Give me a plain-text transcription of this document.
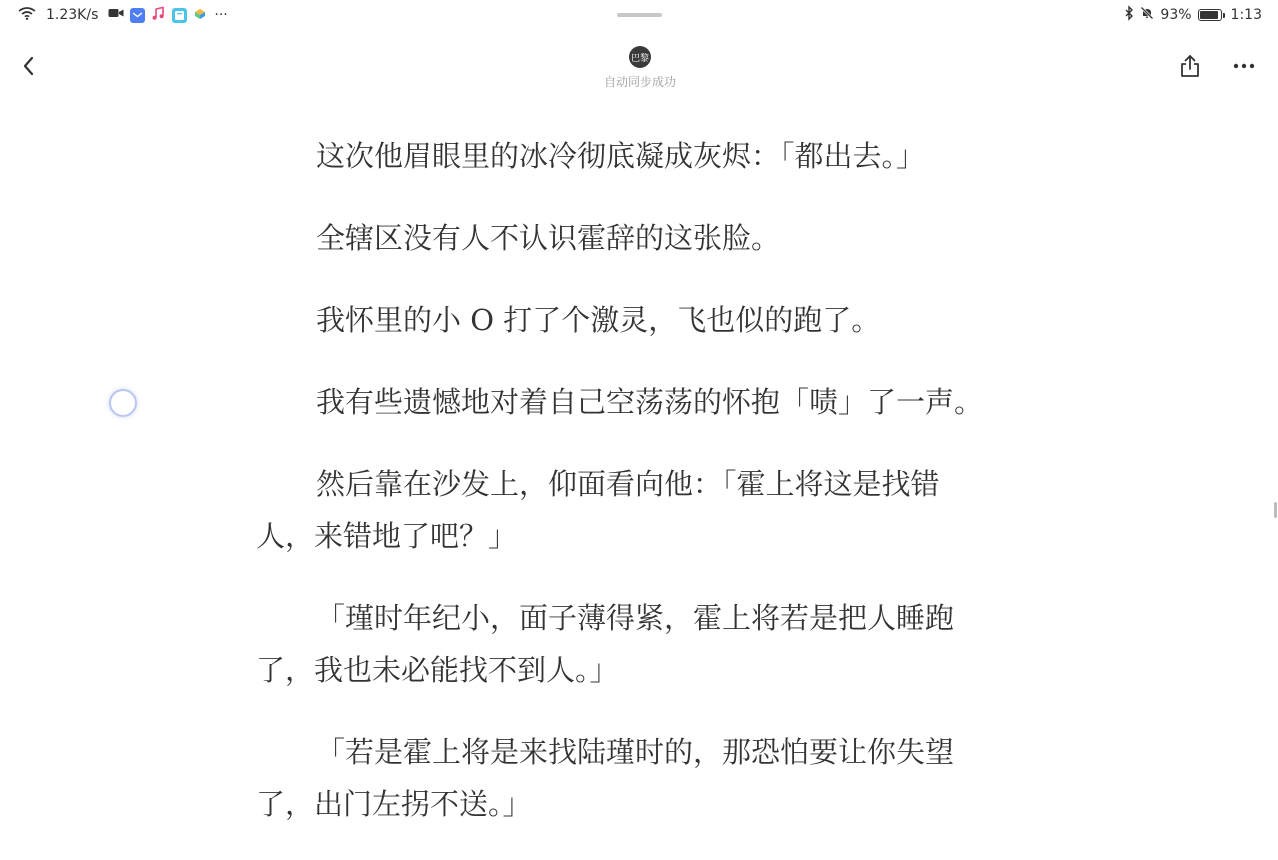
1.23K/s	···	93%	1:13
巴黎
自动同步成功

这次他眉眼里的冰冷彻底凝成灰烬：「都出去。」

全辖区没有人不认识霍辞的这张脸。

我怀里的小 O 打了个激灵，飞也似的跑了。

我有些遗憾地对着自己空荡荡的怀抱「啧」了一声。

然后靠在沙发上，仰面看向他：「霍上将这是找错人，来错地了吧？」

「瑾时年纪小，面子薄得紧，霍上将若是把人睡跑了，我也未必能找不到人。」

「若是霍上将是来找陆瑾时的，那恐怕要让你失望了，出门左拐不送。」
